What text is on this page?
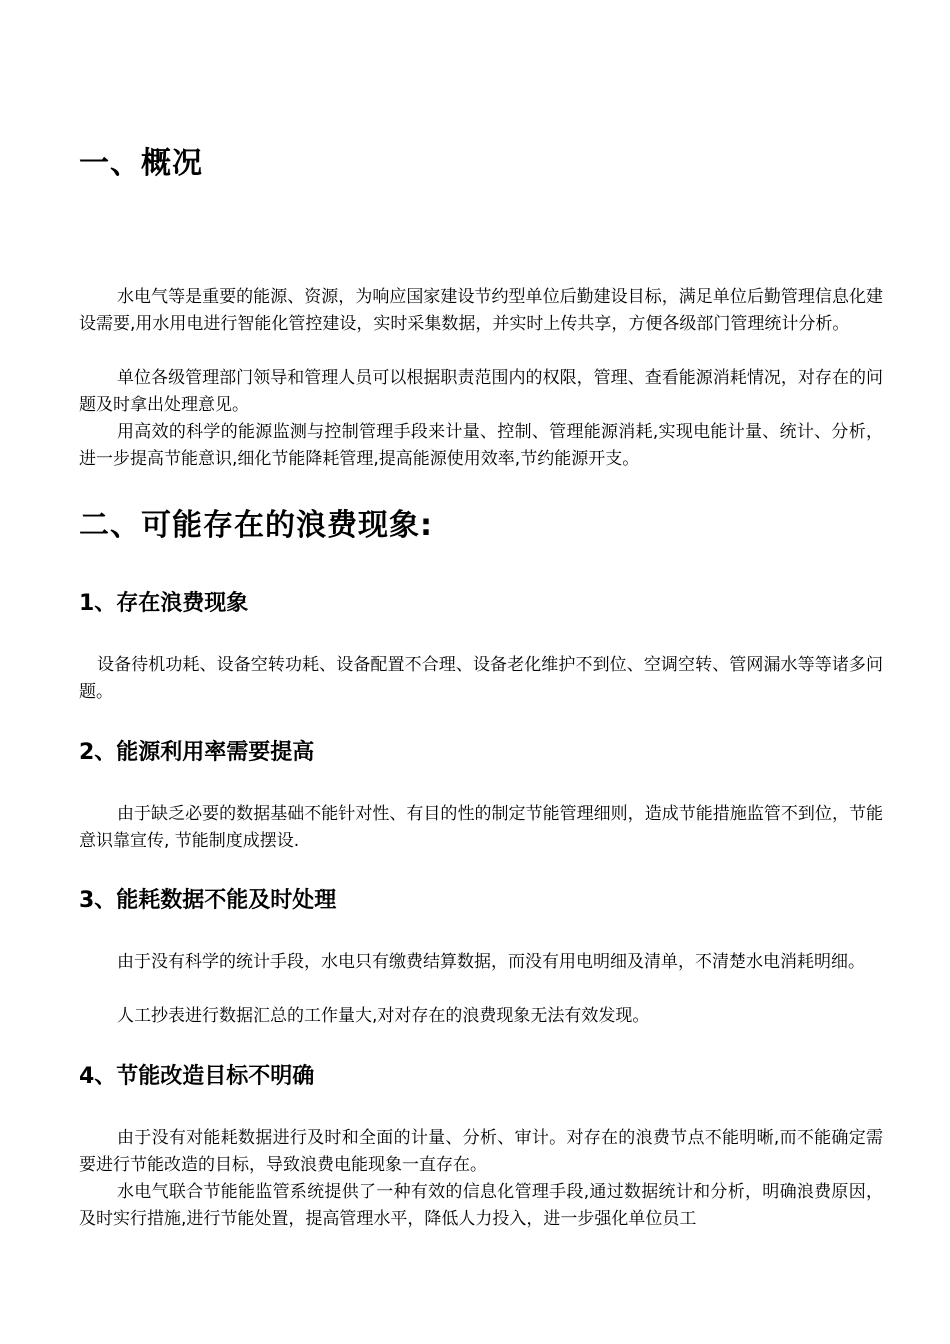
一、概况

水电气等是重要的能源、资源，为响应国家建设节约型单位后勤建设目标，满足单位后勤管理信息化建设需要,用水用电进行智能化管控建设，实时采集数据，并实时上传共享，方便各级部门管理统计分析。

单位各级管理部门领导和管理人员可以根据职责范围内的权限，管理、查看能源消耗情况，对存在的问题及时拿出处理意见。

用高效的科学的能源监测与控制管理手段来计量、控制、管理能源消耗,实现电能计量、统计、分析， 进一步提高节能意识,细化节能降耗管理,提高能源使用效率,节约能源开支。

二、可能存在的浪费现象:
1、存在浪费现象

设备待机功耗、设备空转功耗、设备配置不合理、设备老化维护不到位、空调空转、管网漏水等等诸多问题。

2、能源利用率需要提高

由于缺乏必要的数据基础不能针对性、有目的性的制定节能管理细则，造成节能措施监管不到位，节能意识靠宣传, 节能制度成摆设.

3、能耗数据不能及时处理

由于没有科学的统计手段，水电只有缴费结算数据，而没有用电明细及清单，不清楚水电消耗明细。

人工抄表进行数据汇总的工作量大,对对存在的浪费现象无法有效发现。

4、节能改造目标不明确

由于没有对能耗数据进行及时和全面的计量、分析、审计。对存在的浪费节点不能明晰,而不能确定需要进行节能改造的目标，导致浪费电能现象一直存在。

水电气联合节能能监管系统提供了一种有效的信息化管理手段,通过数据统计和分析，明确浪费原因，及时实行措施,进行节能处置，提高管理水平，降低人力投入，进一步强化单位员工
